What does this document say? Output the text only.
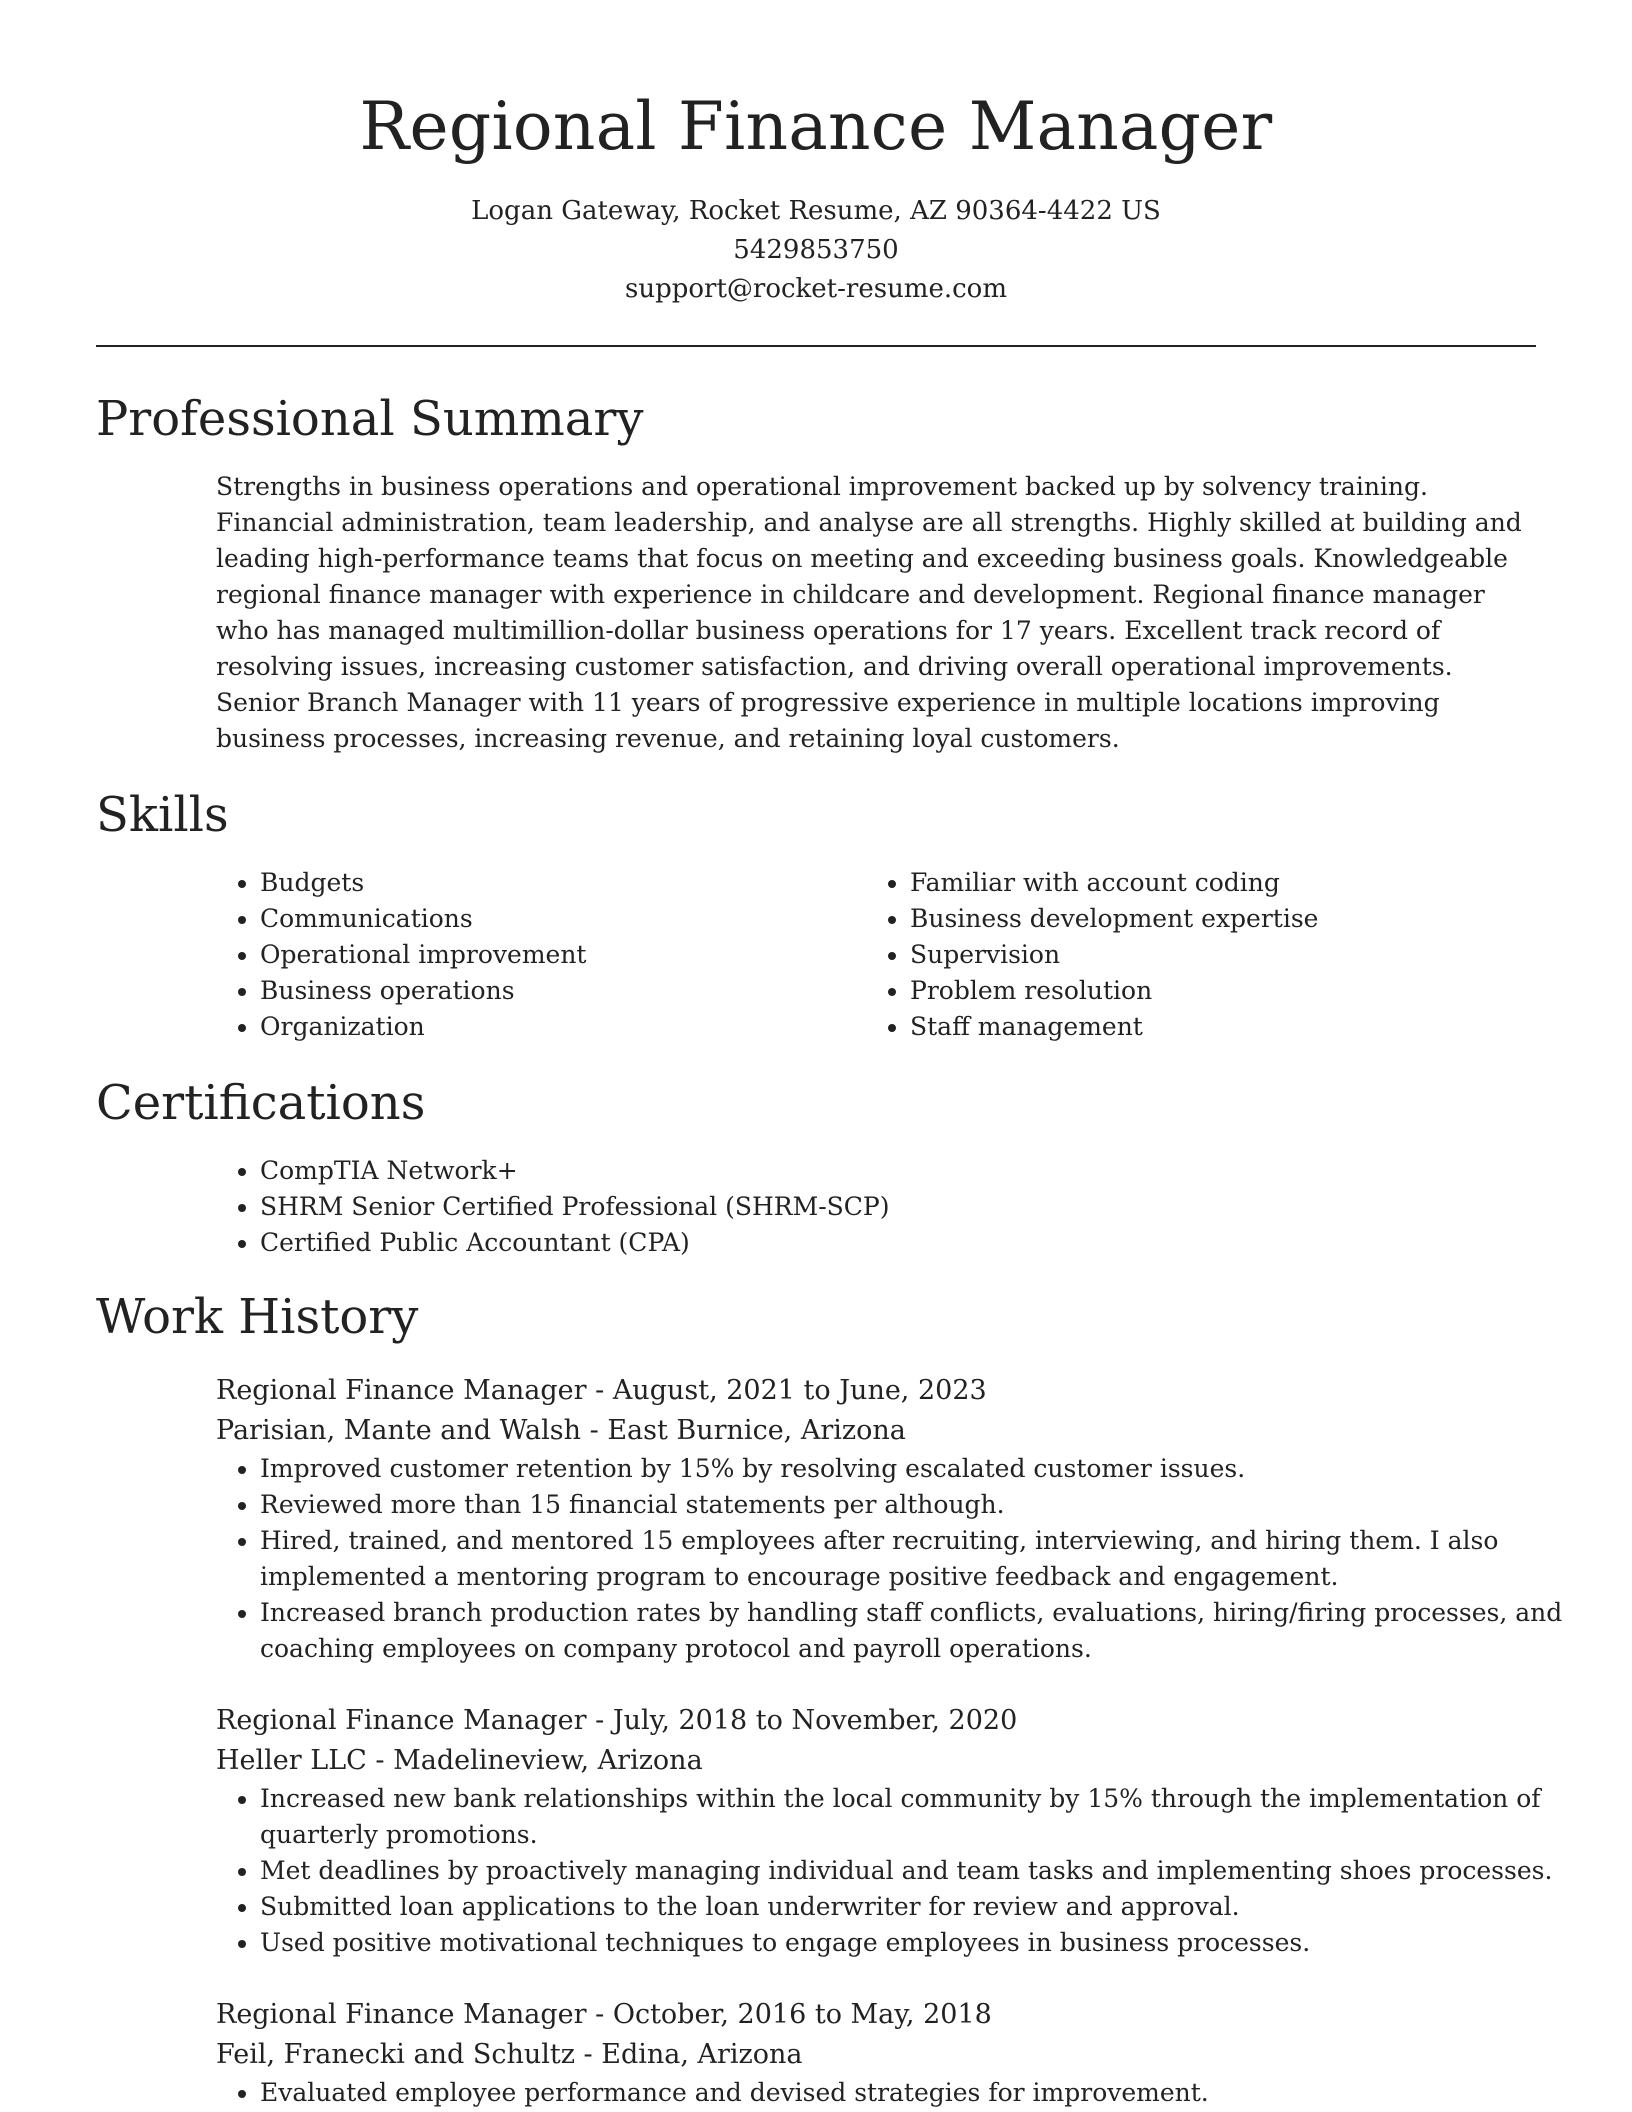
Regional Finance Manager
Logan Gateway, Rocket Resume, AZ 90364-4422 US
5429853750
support@rocket-resume.com
Professional Summary
Strengths in business operations and operational improvement backed up by solvency training. Financial administration, team leadership, and analyse are all strengths. Highly skilled at building and leading high-performance teams that focus on meeting and exceeding business goals. Knowledgeable regional finance manager with experience in childcare and development. Regional finance manager who has managed multimillion-dollar business operations for 17 years. Excellent track record of resolving issues, increasing customer satisfaction, and driving overall operational improvements. Senior Branch Manager with 11 years of progressive experience in multiple locations improving business processes, increasing revenue, and retaining loyal customers.
Skills
• Budgets
• Communications
• Operational improvement
• Business operations
• Organization
• Familiar with account coding
• Business development expertise
• Supervision
• Problem resolution
• Staff management
Certifications
• CompTIA Network+
• SHRM Senior Certified Professional (SHRM-SCP)
• Certified Public Accountant (CPA)
Work History
Regional Finance Manager - August, 2021 to June, 2023
Parisian, Mante and Walsh - East Burnice, Arizona
• Improved customer retention by 15% by resolving escalated customer issues.
• Reviewed more than 15 financial statements per although.
• Hired, trained, and mentored 15 employees after recruiting, interviewing, and hiring them. I also implemented a mentoring program to encourage positive feedback and engagement.
• Increased branch production rates by handling staff conflicts, evaluations, hiring/firing processes, and coaching employees on company protocol and payroll operations.
Regional Finance Manager - July, 2018 to November, 2020
Heller LLC - Madelineview, Arizona
• Increased new bank relationships within the local community by 15% through the implementation of quarterly promotions.
• Met deadlines by proactively managing individual and team tasks and implementing shoes processes.
• Submitted loan applications to the loan underwriter for review and approval.
• Used positive motivational techniques to engage employees in business processes.
Regional Finance Manager - October, 2016 to May, 2018
Feil, Franecki and Schultz - Edina, Arizona
• Evaluated employee performance and devised strategies for improvement.
